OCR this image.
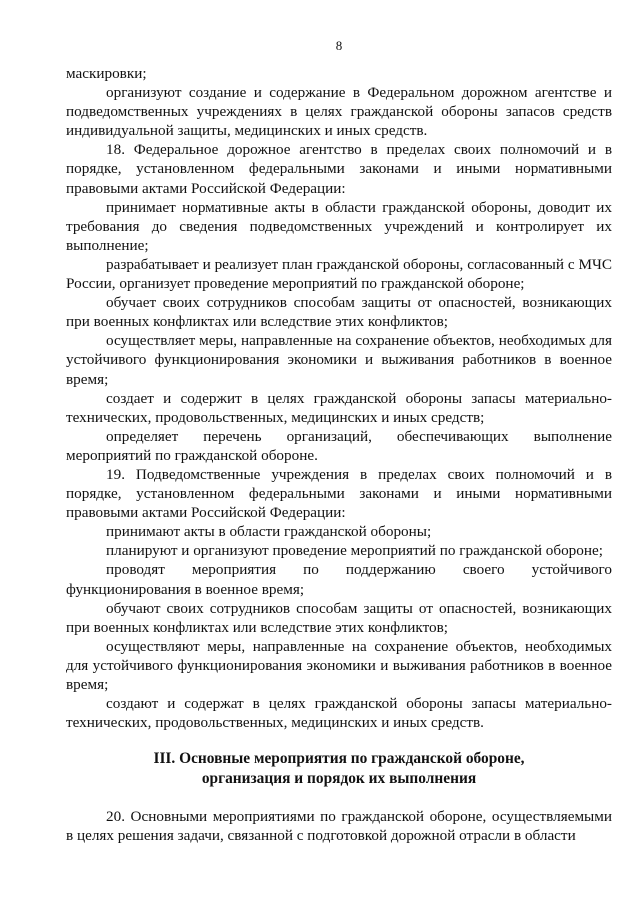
8

маскировки;

организуют создание и содержание в Федеральном дорожном агентстве и подведомственных учреждениях в целях гражданской обороны запасов средств индивидуальной защиты, медицинских и иных средств.

18. Федеральное дорожное агентство в пределах своих полномочий и в порядке, установленном федеральными законами и иными нормативными правовыми актами Российской Федерации:

принимает нормативные акты в области гражданской обороны, доводит их требования до сведения подведомственных учреждений и контролирует их выполнение;

разрабатывает и реализует план гражданской обороны, согласованный с МЧС России, организует проведение мероприятий по гражданской обороне;

обучает своих сотрудников способам защиты от опасностей, возникающих при военных конфликтах или вследствие этих конфликтов;

осуществляет меры, направленные на сохранение объектов, необходимых для устойчивого функционирования экономики и выживания работников в военное время;

создает и содержит в целях гражданской обороны запасы материально-технических, продовольственных, медицинских и иных средств;

определяет перечень организаций, обеспечивающих выполнение мероприятий по гражданской обороне.

19. Подведомственные учреждения в пределах своих полномочий и в порядке, установленном федеральными законами и иными нормативными правовыми актами Российской Федерации:

принимают акты в области гражданской обороны;

планируют и организуют проведение мероприятий по гражданской обороне;

проводят мероприятия по поддержанию своего устойчивого функционирования в военное время;

обучают своих сотрудников способам защиты от опасностей, возникающих при военных конфликтах или вследствие этих конфликтов;

осуществляют меры, направленные на сохранение объектов, необходимых для устойчивого функционирования экономики и выживания работников в военное время;

создают и содержат в целях гражданской обороны запасы материально-технических, продовольственных, медицинских и иных средств.

III. Основные мероприятия по гражданской обороне,
организация и порядок их выполнения

20. Основными мероприятиями по гражданской обороне, осуществляемыми в целях решения задачи, связанной с подготовкой дорожной отрасли в области
